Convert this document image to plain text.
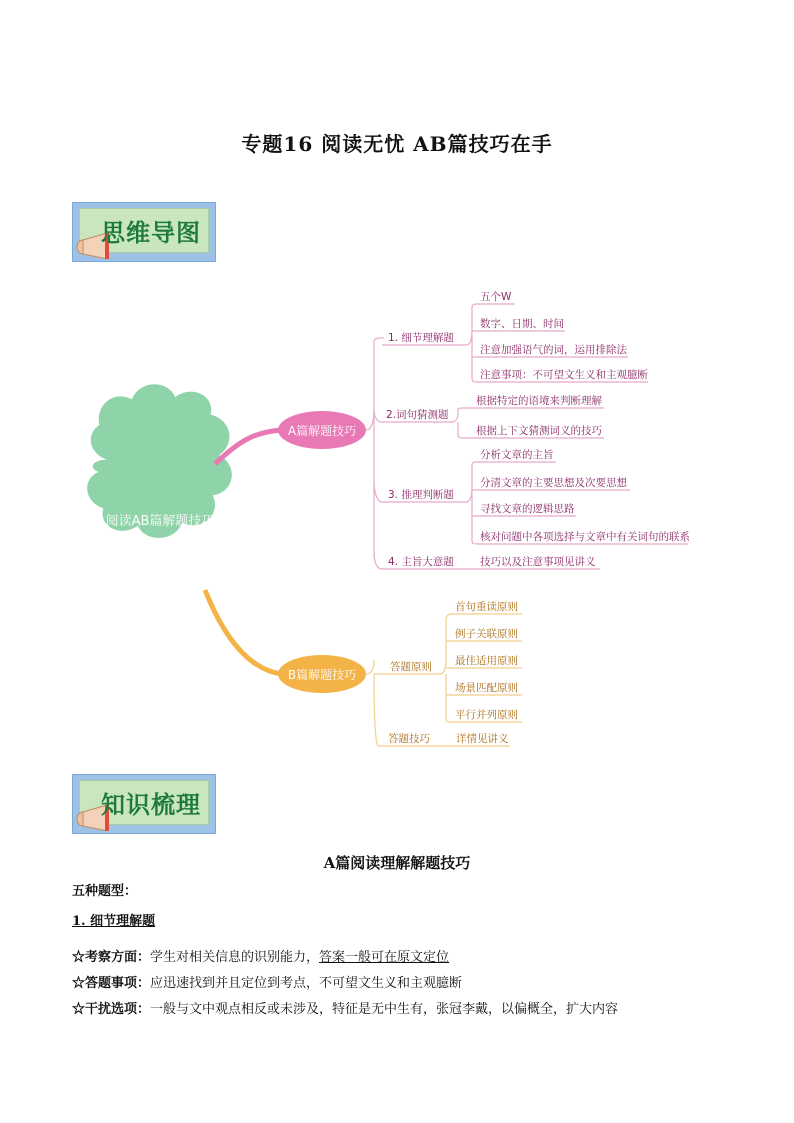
专题16 阅读无忧 AB篇技巧在手
思维导图
阅读AB篇解题技巧
A篇解题技巧
B篇解题技巧
1. 细节理解题
2.词句猜测题
3. 推理判断题
4. 主旨大意题
五个W
数字、日期、时间
注意加强语气的词，运用排除法
注意事项：不可望文生义和主观臆断
根据特定的语境来判断理解
根据上下文猜测词义的技巧
分析文章的主旨
分清文章的主要思想及次要思想
寻找文章的逻辑思路
核对问题中各项选择与文章中有关词句的联系
技巧以及注意事项见讲义
答题原则
答题技巧
首句重读原则
例子关联原则
最佳适用原则
场景匹配原则
平行并列原则
详情见讲义
知识梳理
A篇阅读理解解题技巧
五种题型：
1. 细节理解题
☆考察方面：学生对相关信息的识别能力，答案一般可在原文定位
☆答题事项：应迅速找到并且定位到考点，不可望文生义和主观臆断
☆干扰选项：一般与文中观点相反或未涉及，特征是无中生有，张冠李戴，以偏概全，扩大内容
